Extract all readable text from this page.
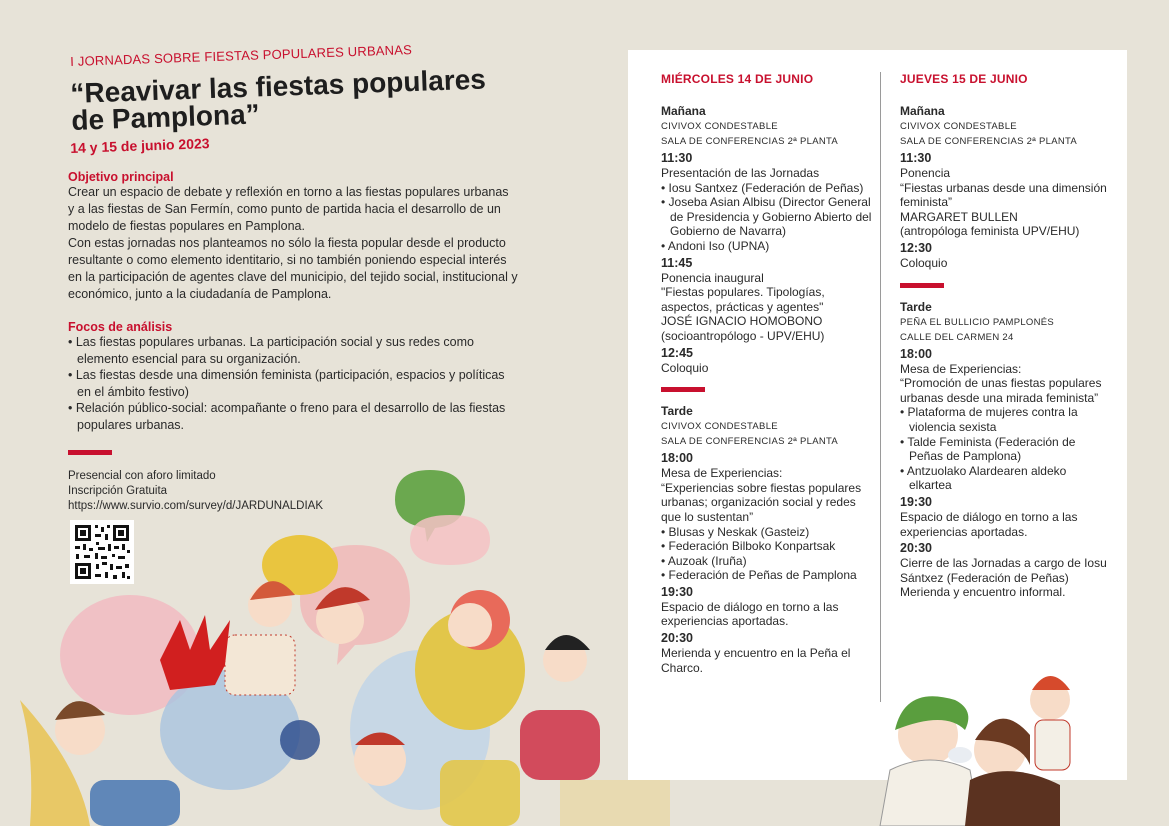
I JORNADAS SOBRE FIESTAS POPULARES URBANAS
“Reavivar las fiestas populares de Pamplona”
14 y 15 de junio 2023

Objetivo principal

Crear un espacio de debate y reflexión en torno a las fiestas populares urbanas y a las fiestas de San Fermín, como punto de partida hacia el desarrollo de un modelo de fiestas populares en Pamplona.
Con estas jornadas nos planteamos no sólo la fiesta popular desde el producto resultante o como elemento identitario, si no también poniendo especial interés en la participación de agentes clave del municipio, del tejido social, institucional y económico, junto a la ciudadanía de Pamplona.

Focos de análisis

• Las fiestas populares urbanas. La participación social y sus redes como elemento esencial para su organización.
• Las fiestas desde una dimensión feminista (participación, espacios y políticas en el ámbito festivo)
• Relación público-social: acompañante o freno para el desarrollo de las fiestas populares urbanas.
Presencial con aforo limitado
Inscripción Gratuita
https://www.survio.com/survey/d/JARDUNALDIAK
MIÉRCOLES 14 DE JUNIO
Mañana
CIVIVOX CONDESTABLE
SALA DE CONFERENCIAS 2ª PLANTA
11:30
Presentación de las Jornadas
• Iosu Santxez (Federación de Peñas)
• Joseba Asian Albisu (Director General de Presidencia y Gobierno Abierto del Gobierno de Navarra)
• Andoni Iso (UPNA)
11:45
Ponencia inaugural
"Fiestas populares. Tipologías, aspectos, prácticas y agentes"
JOSÉ IGNACIO HOMOBONO
(socioantropólogo - UPV/EHU)
12:45
Coloquio
Tarde
CIVIVOX CONDESTABLE
SALA DE CONFERENCIAS 2ª PLANTA
18:00
Mesa de Experiencias:
“Experiencias sobre fiestas populares urbanas; organización social y redes que lo sustentan”
• Blusas y Neskak (Gasteiz)
• Federación Bilboko Konpartsak
• Auzoak (Iruña)
• Federación de Peñas de Pamplona
19:30
Espacio de diálogo en torno a las experiencias aportadas.
20:30
Merienda y encuentro en la Peña el Charco.
JUEVES 15 DE JUNIO
Mañana
CIVIVOX CONDESTABLE
SALA DE CONFERENCIAS 2ª PLANTA
11:30
Ponencia
“Fiestas urbanas desde una dimensión feminista”
MARGARET BULLEN
(antropóloga feminista UPV/EHU)
12:30
Coloquio
Tarde
PEÑA EL BULLICIO PAMPLONÉS
CALLE DEL CARMEN 24
18:00
Mesa de Experiencias:
“Promoción de unas fiestas populares urbanas desde una mirada feminista”
• Plataforma de mujeres contra la violencia sexista
• Talde Feminista (Federación de Peñas de Pamplona)
• Antzuolako Alardearen aldeko elkartea
19:30
Espacio de diálogo en torno a las experiencias aportadas.
20:30
Cierre de las Jornadas a cargo de Iosu Sántxez (Federación de Peñas)
Merienda y encuentro informal.
